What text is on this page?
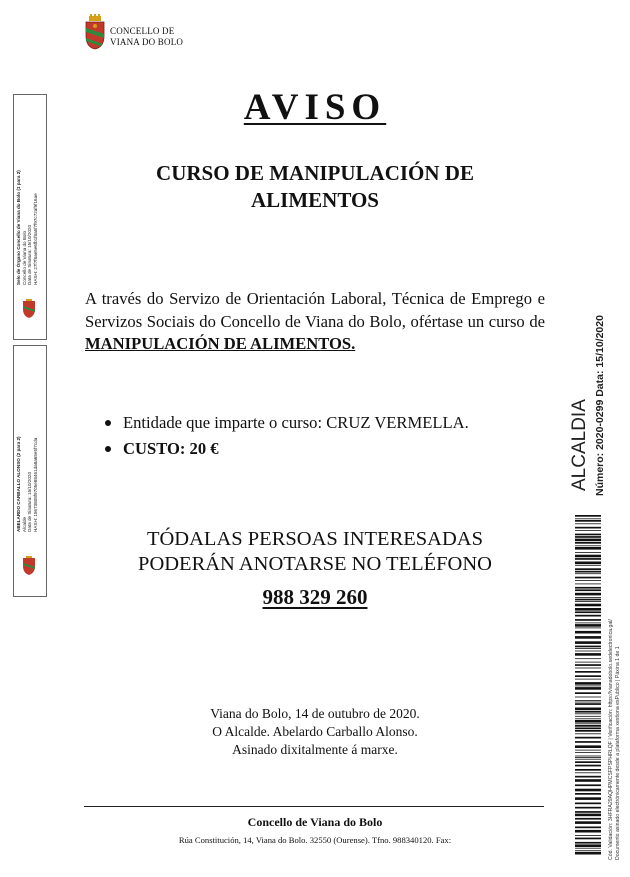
CONCELLO DE
VIANA DO BOLO
Selo de Órgano Concello de Viana do Bolo (1 para 2) Concello de Viana do Bolo Data de Sinatura: 15/10/2020 HASH: 27f7f8ae5e6fb1f8a5f7f97c72af9f16ae
ABELARDO CARBALLO ALONSO (2 para 2) Alcalde Data de Sinatura: 15/10/2020 HASH: 15673808f9705e88461da8a65e5f7cda
AVISO
CURSO DE MANIPULACIÓN DE
ALIMENTOS
A través do Servizo de Orientación Laboral, Técnica de Emprego e Servizos Sociais do Concello de Viana do Bolo, ofértase un curso de MANIPULACIÓN DE ALIMENTOS.
Entidade que imparte o curso: CRUZ VERMELLA.
CUSTO: 20 €
TÓDALAS PERSOAS INTERESADAS
PODERÁN ANOTARSE NO TELÉFONO
988 329 260
Viana do Bolo, 14 de outubro de 2020.
O Alcalde. Abelardo Carballo Alonso.
Asinado dixitalmente á marxe.
Concello de Viana do Bolo
Rúa Constitución, 14, Viana do Bolo. 32550 (Ourense). Tfno. 988340120. Fax:
ALCALDIA Número: 2020-0299 Data: 15/10/2020
Cód. Validación: 3HFRA29AQHPMCSFPSPHRLQF | Verificación: https://vianadobolo.sedelectronica.gal/ Documento asinado electrónicamente desde a plataforma xestiona esPublico | Páxina 1 de 1
